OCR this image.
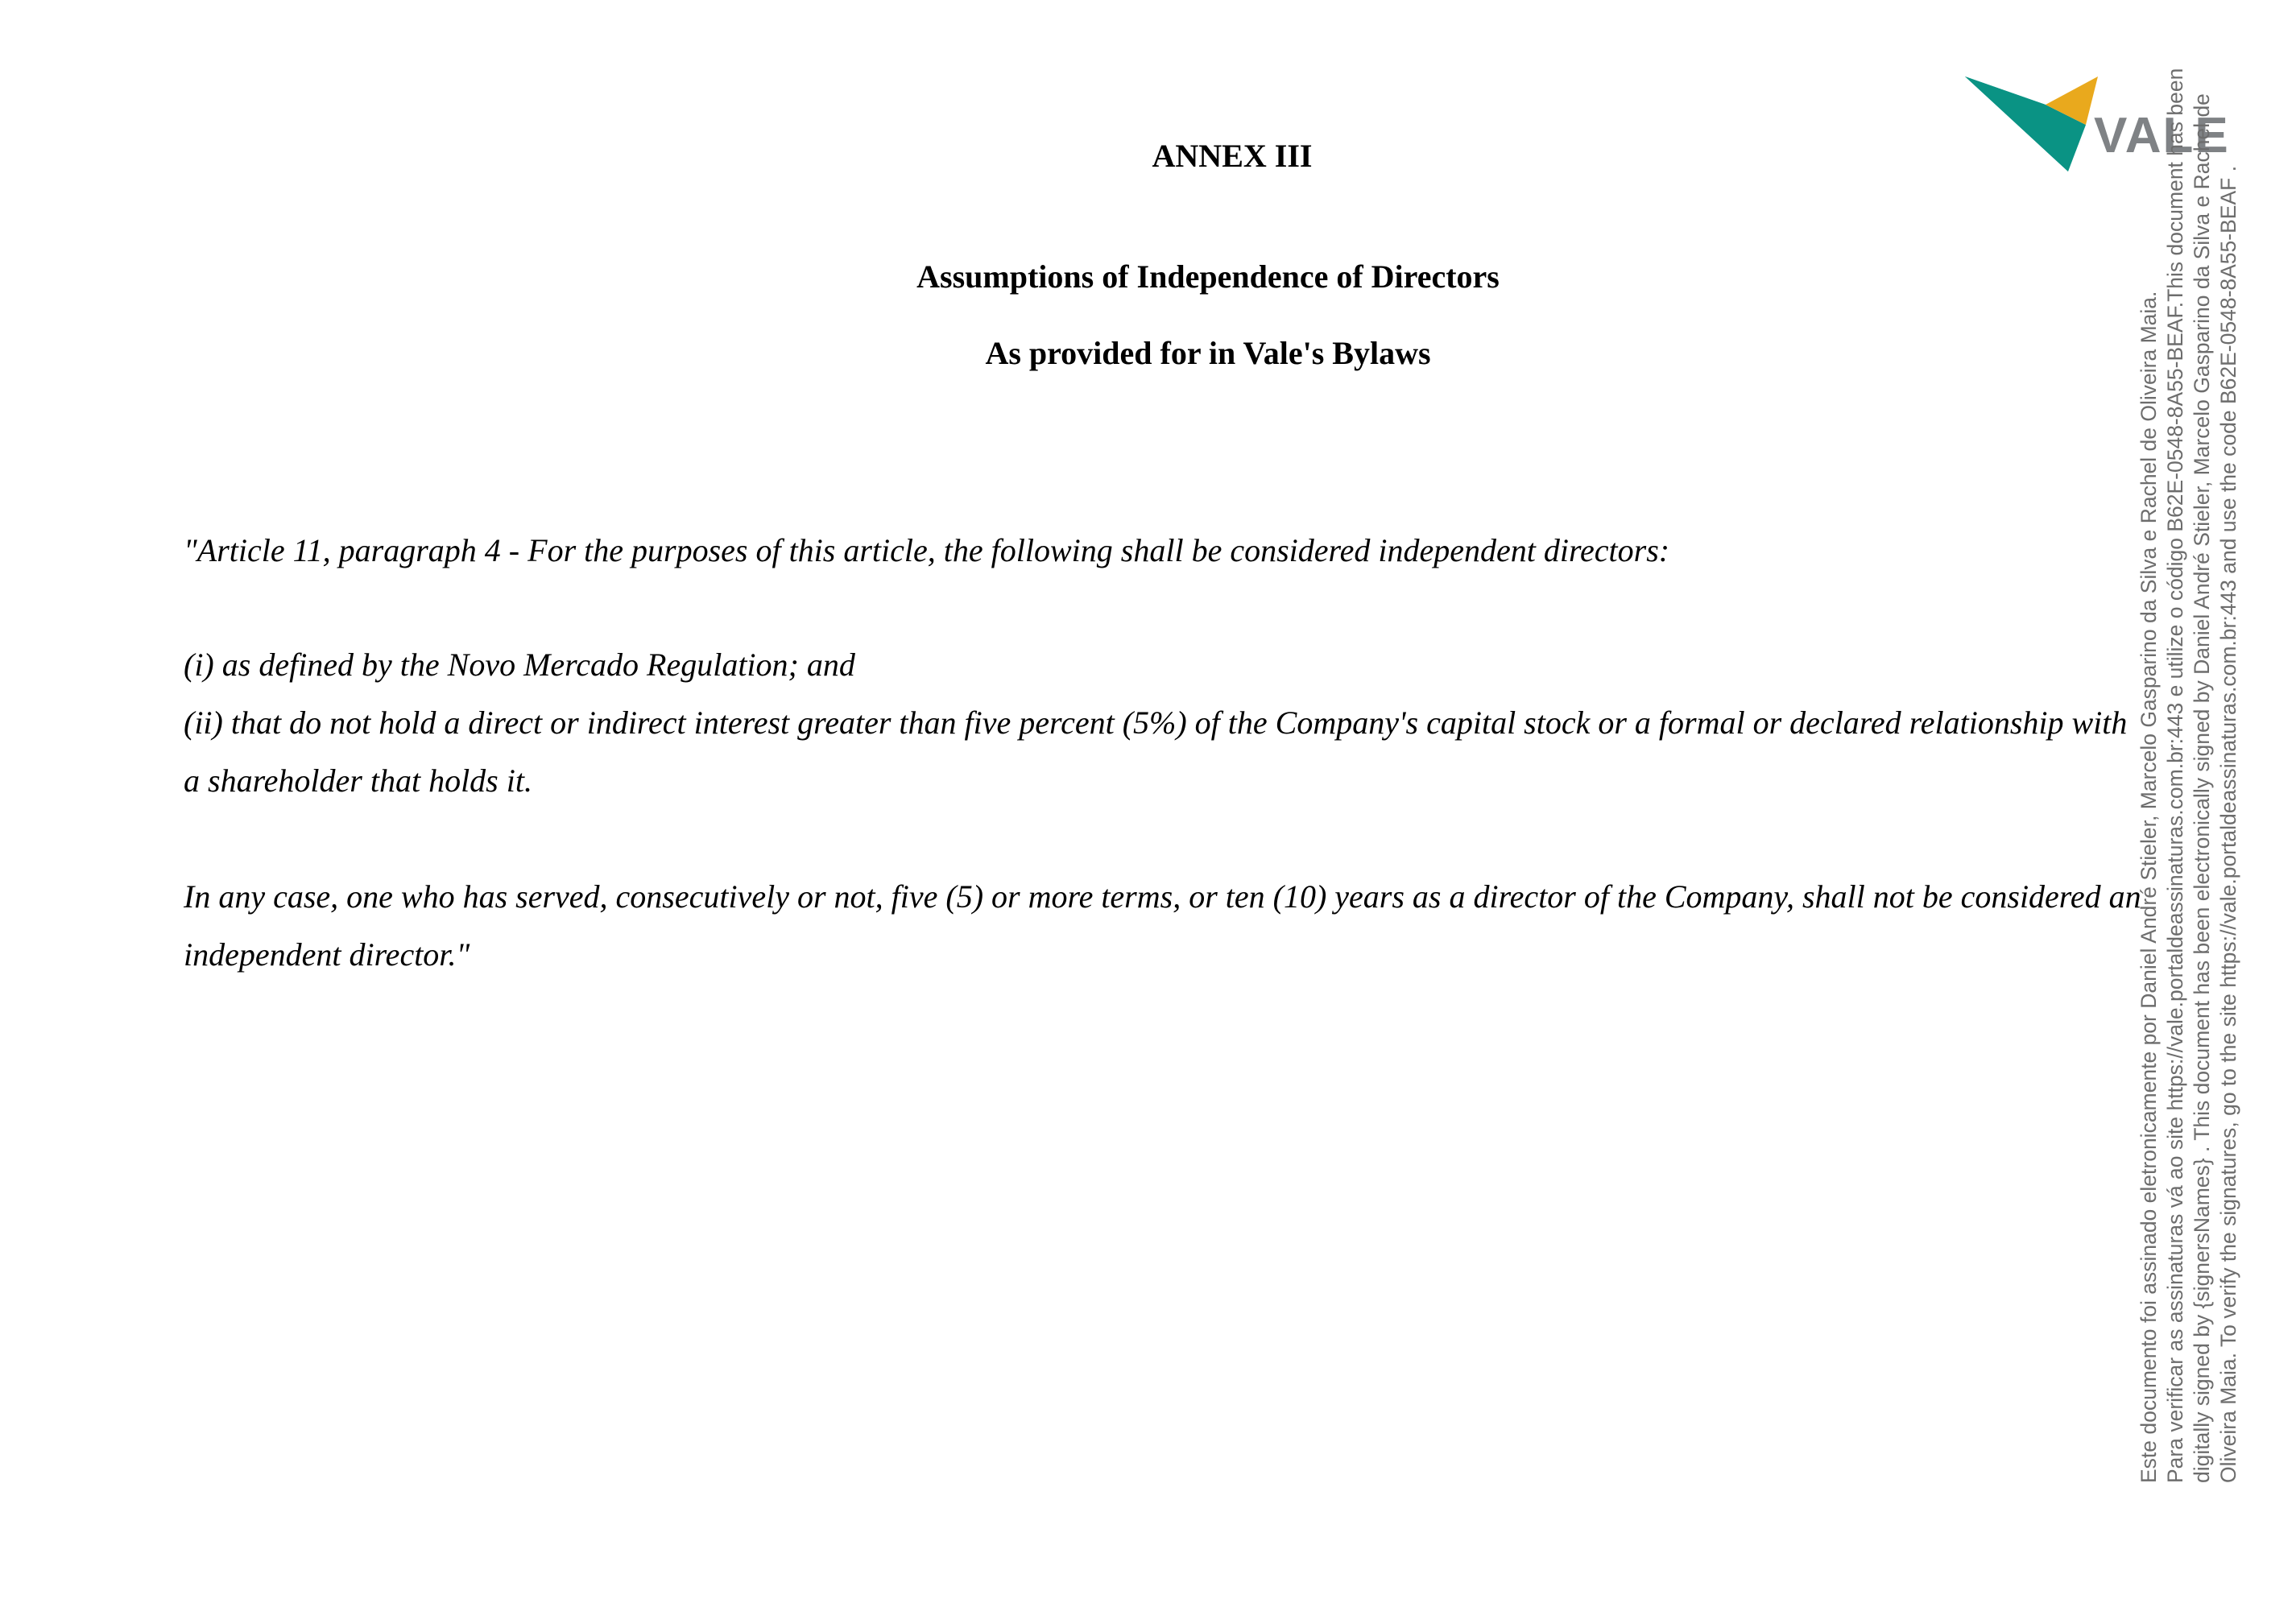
VALE
ANNEX III
Assumptions of Independence of Directors
As provided for in Vale's Bylaws
"Article 11, paragraph 4 - For the purposes of this article, the following shall be considered independent directors:
(i) as defined by the Novo Mercado Regulation; and
(ii) that do not hold a direct or indirect interest greater than five percent (5%) of the Company's capital stock or a formal or declared relationship with
a shareholder that holds it.
In any case, one who has served, consecutively or not, five (5) or more terms, or ten (10) years as a director of the Company, shall not be considered an
independent director."	Este documento foi assinado eletronicamente por Daniel André Stieler, Marcelo Gasparino da Silva e Rachel de Oliveira Maia. Para verificar as assinaturas vá ao site https://vale.portaldeassinaturas.com.br:443 e utilize o código B62E-0548-8A55-BEAF.This document has been digitally signed by {signersNames} . This document has been electronically signed by Daniel André Stieler, Marcelo Gasparino da Silva e Rachel de Oliveira Maia. To verify the signatures, go to the site https://vale.portaldeassinaturas.com.br:443 and use the code B62E-0548-8A55-BEAF .
